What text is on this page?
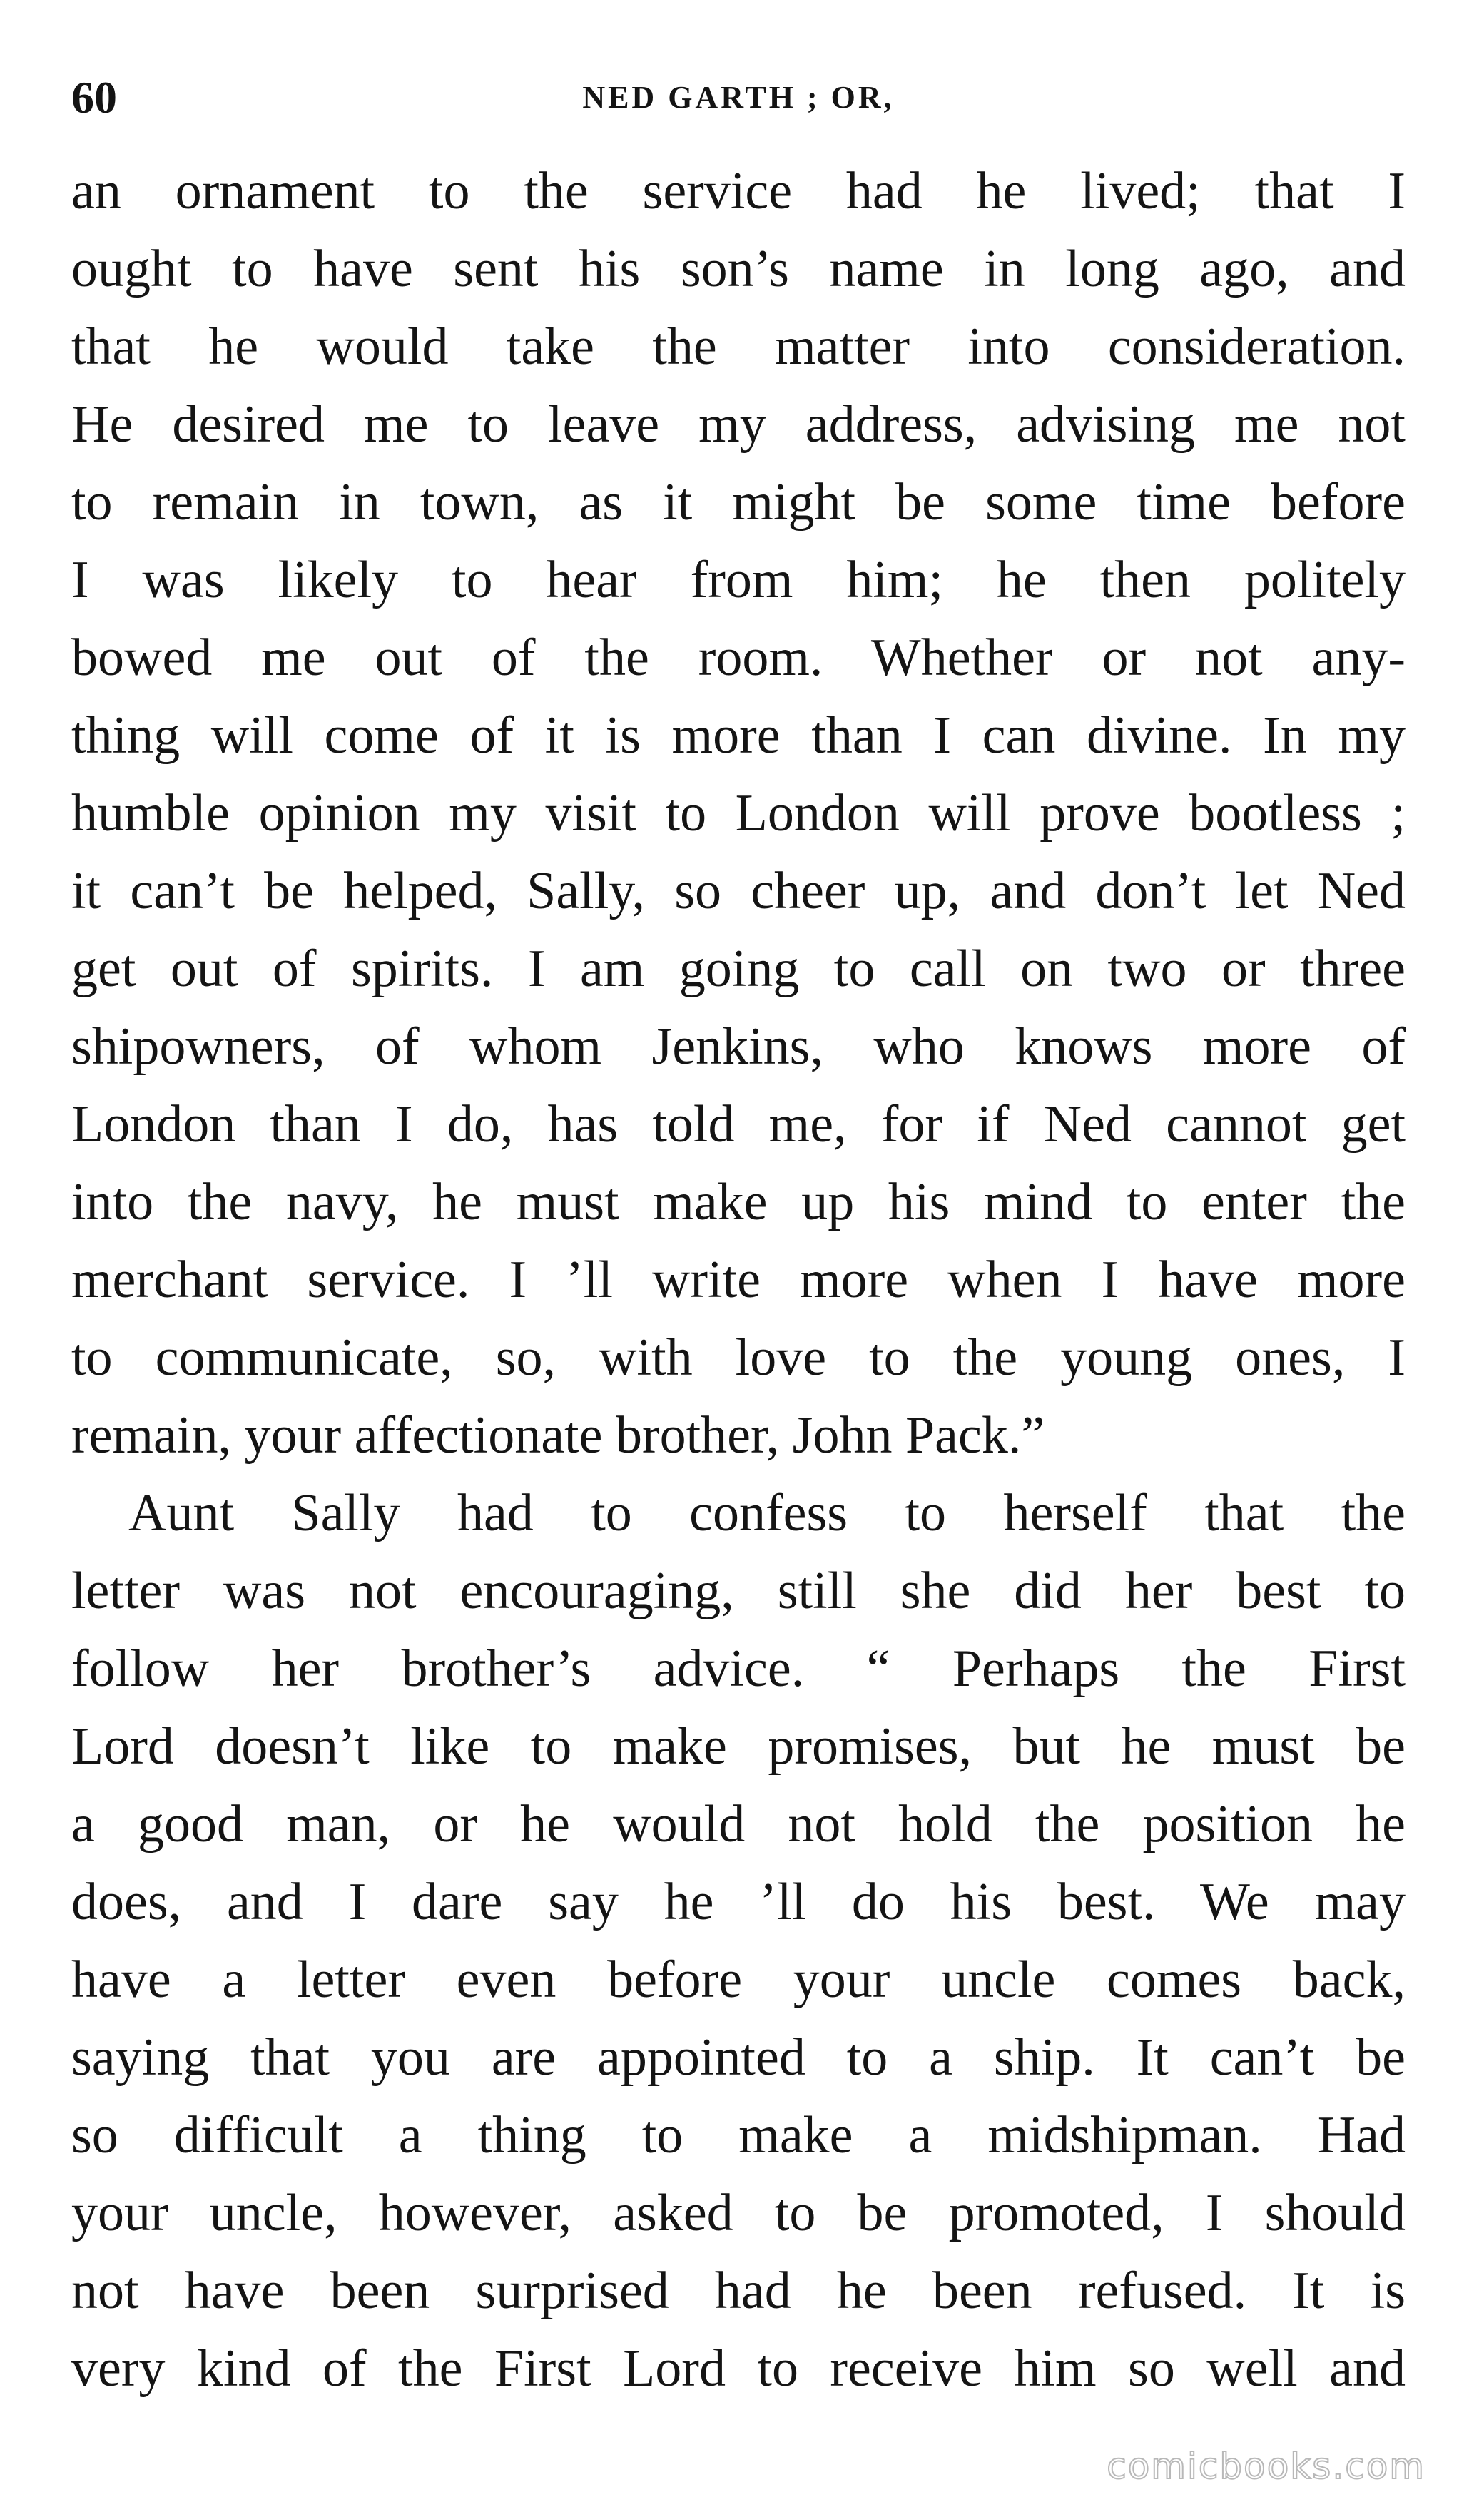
60	NED GARTH ; OR,
an ornament to the service had he lived; that I
ought to have sent his son’s name in long ago, and
that he would take the matter into consideration.
He desired me to leave my address, advising me not
to remain in town, as it might be some time before
I was likely to hear from him; he then politely
bowed me out of the room. Whether or not any-
thing will come of it is more than I can divine. In my
humble opinion my visit to London will prove bootless ;
it can’t be helped, Sally, so cheer up, and don’t let Ned
get out of spirits. I am going to call on two or three
shipowners, of whom Jenkins, who knows more of
London than I do, has told me, for if Ned cannot get
into the navy, he must make up his mind to enter the
merchant service. I ’ll write more when I have more
to communicate, so, with love to the young ones, I
remain, your affectionate brother, John Pack.”
Aunt Sally had to confess to herself that the
letter was not encouraging, still she did her best to
follow her brother’s advice. “ Perhaps the First
Lord doesn’t like to make promises, but he must be
a good man, or he would not hold the position he
does, and I dare say he ’ll do his best. We may
have a letter even before your uncle comes back,
saying that you are appointed to a ship. It can’t be
so difficult a thing to make a midshipman. Had
your uncle, however, asked to be promoted, I should
not have been surprised had he been refused. It is
very kind of the First Lord to receive him so well and
comicbooks.com
